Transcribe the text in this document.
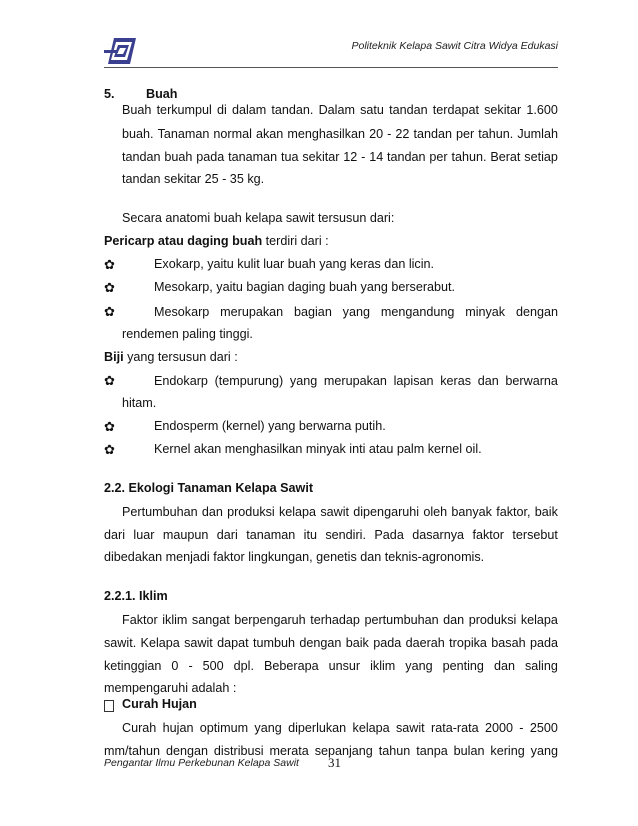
Politeknik Kelapa Sawit Citra Widya Edukasi
5. Buah
Buah terkumpul di dalam tandan. Dalam satu tandan terdapat sekitar 1.600
buah. Tanaman normal akan menghasilkan 20 - 22 tandan per tahun. Jumlah
tandan buah pada tanaman tua sekitar 12 - 14 tandan per tahun. Berat setiap
tandan sekitar 25 - 35 kg.
Secara anatomi buah kelapa sawit tersusun dari:
Pericarp atau daging buah terdiri dari :
✿	Exokarp, yaitu kulit luar buah yang keras dan licin.
✿	Mesokarp, yaitu bagian daging buah yang berserabut.
✿	Mesokarp merupakan bagian yang mengandung minyak dengan
rendemen paling tinggi.
Biji yang tersusun dari :
✿	Endokarp (tempurung) yang merupakan lapisan keras dan berwarna
hitam.
✿	Endosperm (kernel) yang berwarna putih.
✿	Kernel akan menghasilkan minyak inti atau palm kernel oil.
2.2. Ekologi Tanaman Kelapa Sawit
Pertumbuhan dan produksi kelapa sawit dipengaruhi oleh banyak faktor, baik
dari luar maupun dari tanaman itu sendiri. Pada dasarnya faktor tersebut
dibedakan menjadi faktor lingkungan, genetis dan teknis-agronomis.
2.2.1. Iklim
Faktor iklim sangat berpengaruh terhadap pertumbuhan dan produksi kelapa
sawit. Kelapa sawit dapat tumbuh dengan baik pada daerah tropika basah pada
ketinggian 0 - 500 dpl. Beberapa unsur iklim yang penting dan saling
mempengaruhi adalah :
Curah Hujan
Curah hujan optimum yang diperlukan kelapa sawit rata-rata 2000 - 2500
mm/tahun dengan distribusi merata sepanjang tahun tanpa bulan kering yang
Pengantar Ilmu Perkebunan Kelapa Sawit 31
